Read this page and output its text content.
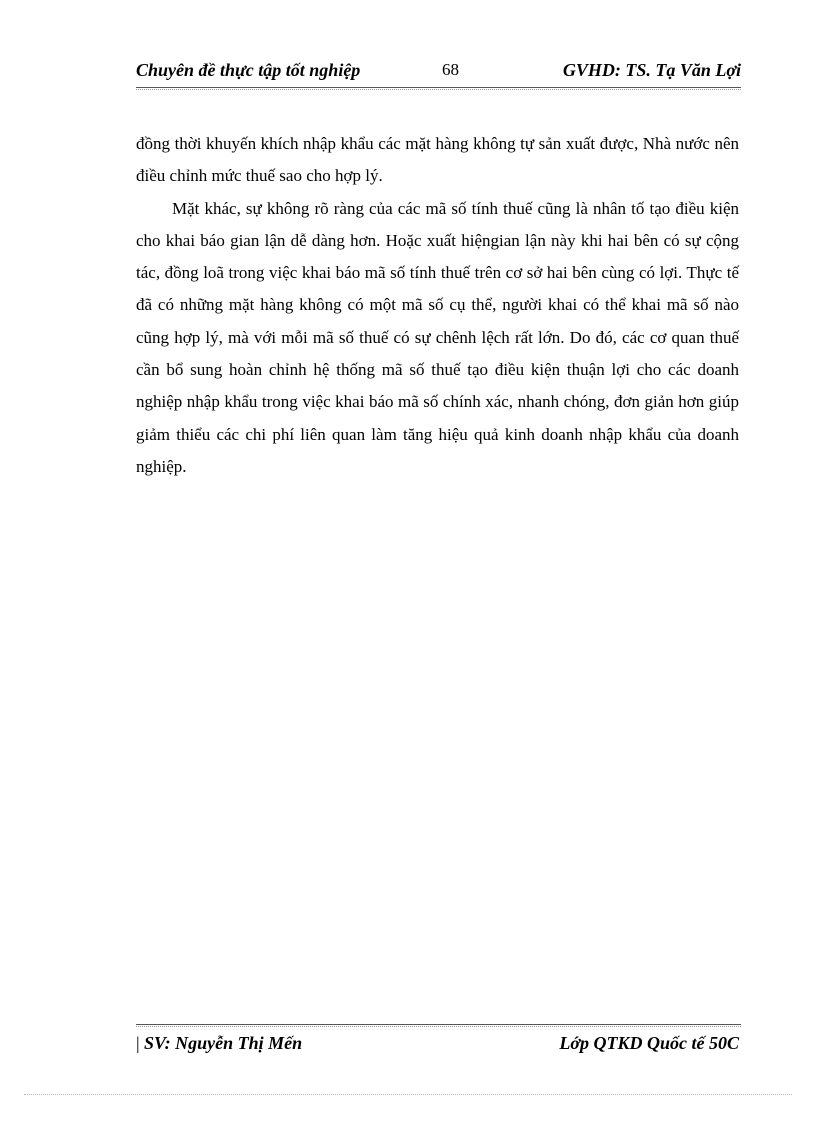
Chuyên đề thực tập tốt nghiệp	68	GVHD: TS. Tạ Văn Lợi

đồng thời khuyến khích nhập khẩu các mặt hàng không tự sản xuất được, Nhà nước nên điều chỉnh mức thuế sao cho hợp lý.

Mặt khác, sự không rõ ràng của các mã số tính thuế cũng là nhân tố tạo điều kiện cho khai báo gian lận dễ dàng hơn. Hoặc xuất hiệngian lận này khi hai bên có sự cộng tác, đồng loã trong việc khai báo mã số tính thuế trên cơ sở hai bên cùng có lợi. Thực tế đã có những mặt hàng không có một mã số cụ thể, người khai có thể khai mã số nào cũng hợp lý, mà với mỗi mã số thuế có sự chênh lệch rất lớn. Do đó, các cơ quan thuế cần bổ sung hoàn chỉnh hệ thống mã số thuế tạo điều kiện thuận lợi cho các doanh nghiệp nhập khẩu trong việc khai báo mã số chính xác, nhanh chóng, đơn giản hơn giúp giảm thiểu các chi phí liên quan làm tăng hiệu quả kinh doanh nhập khẩu của doanh nghiệp.

| SV: Nguyễn Thị Mến	Lớp QTKD Quốc tế 50C
